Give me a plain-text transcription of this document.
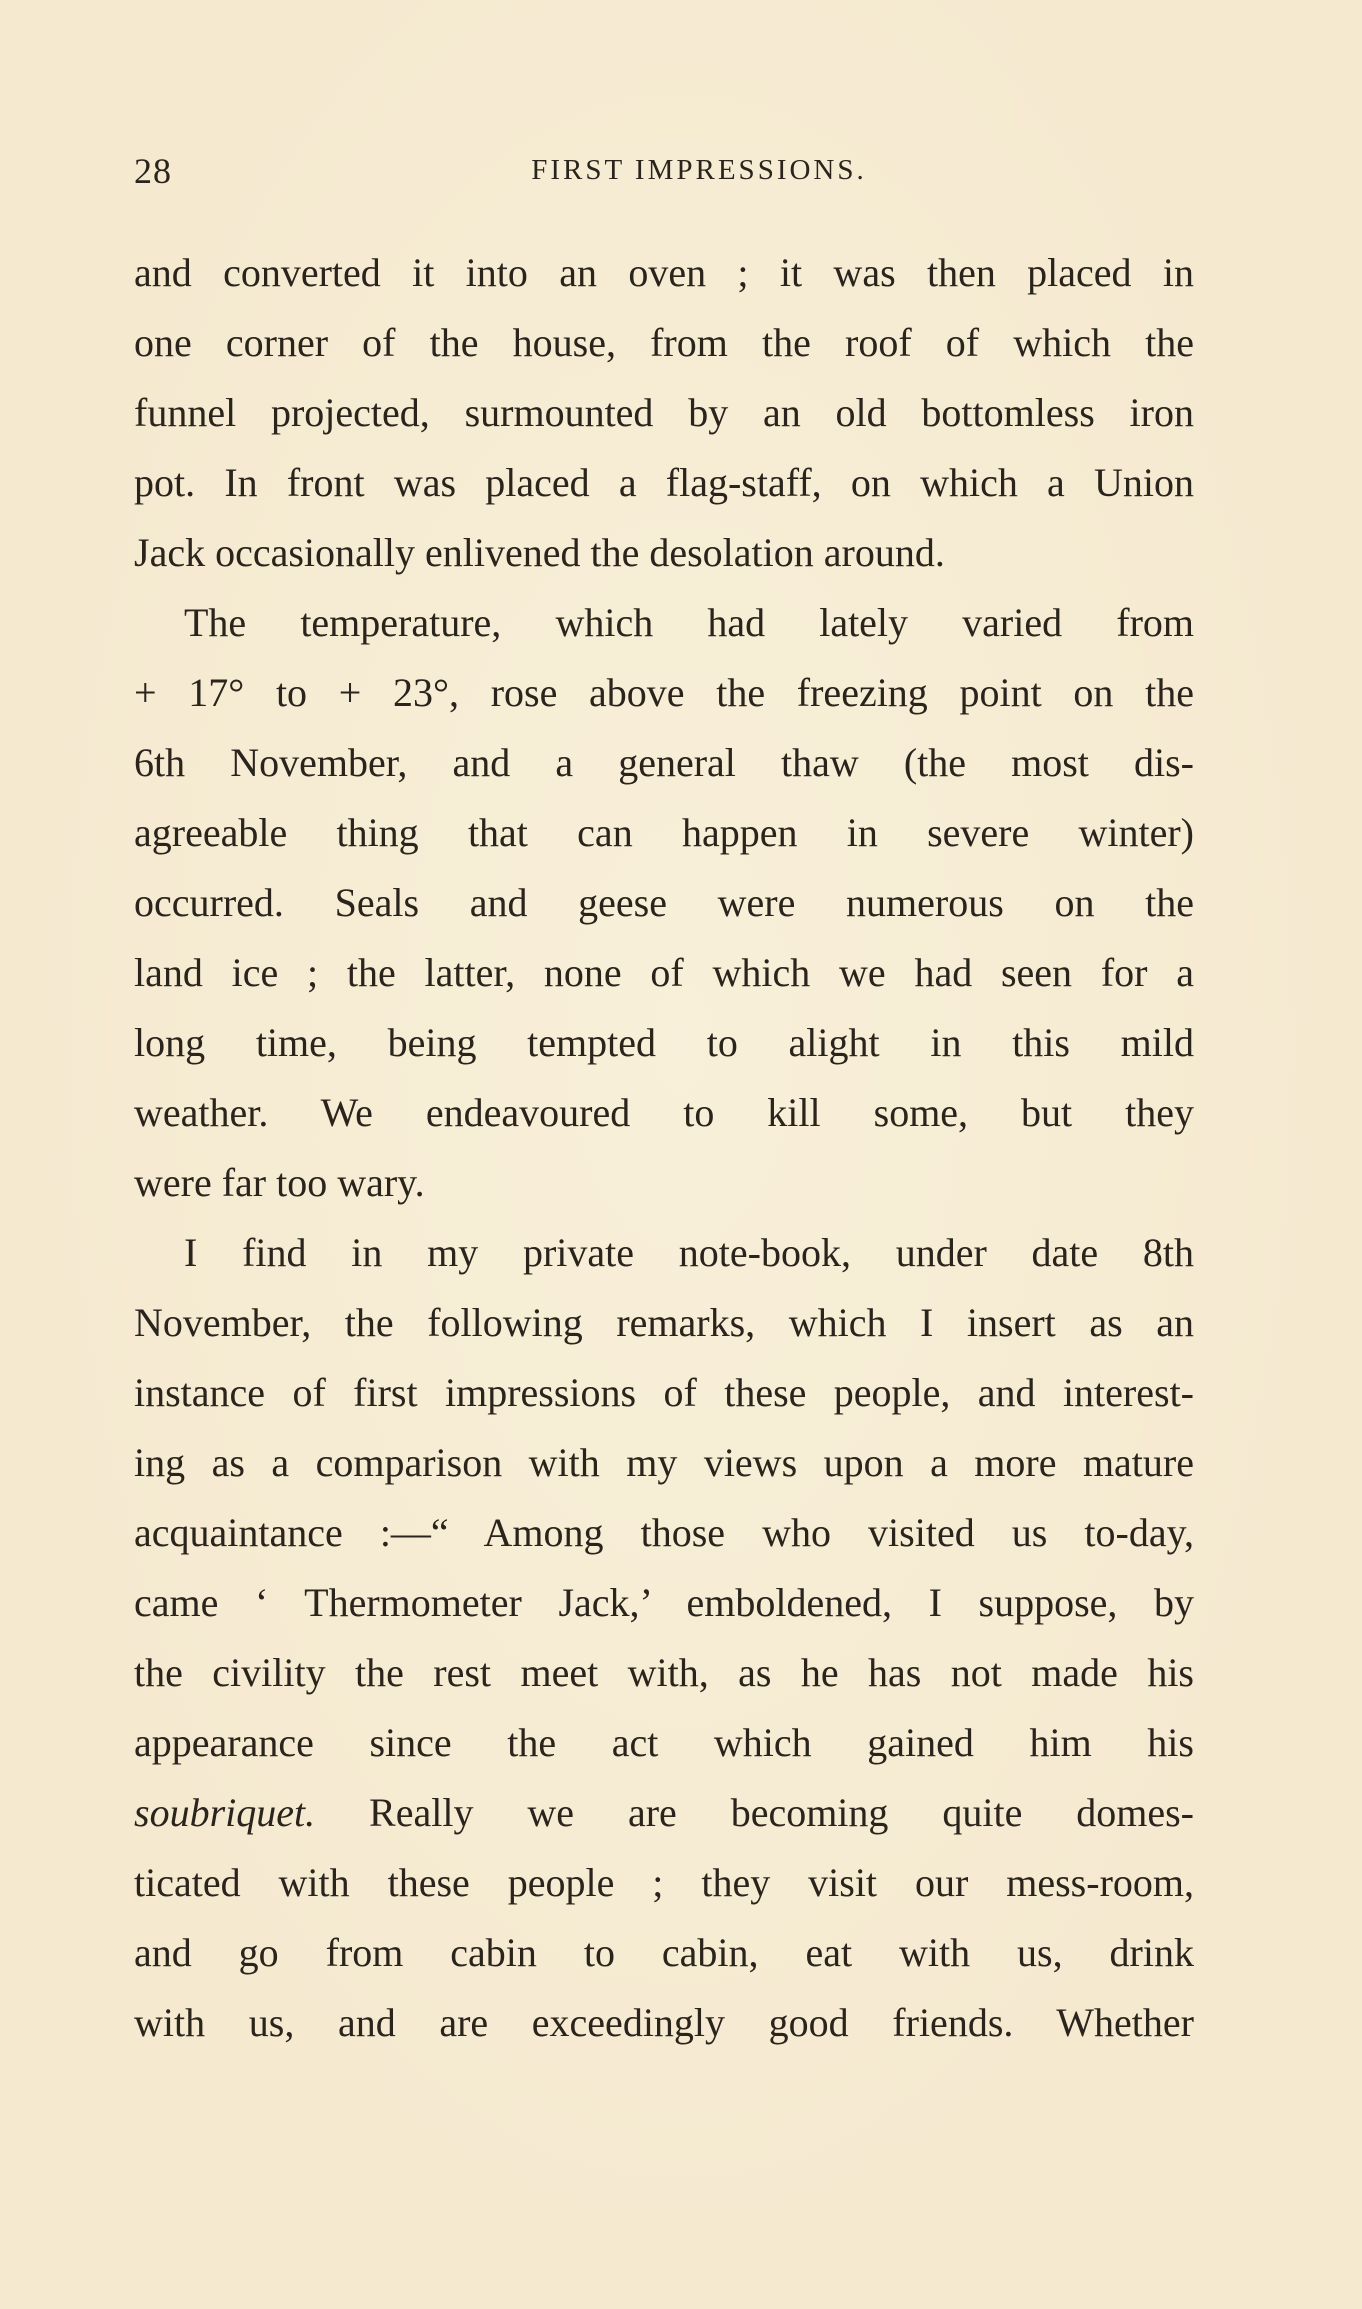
28	FIRST IMPRESSIONS.
and converted it into an oven ; it was then placed in
one corner of the house, from the roof of which the
funnel projected, surmounted by an old bottomless iron
pot. In front was placed a flag-staff, on which a Union
Jack occasionally enlivened the desolation around.
The temperature, which had lately varied from
+ 17° to + 23°, rose above the freezing point on the
6th November, and a general thaw (the most dis-
agreeable thing that can happen in severe winter)
occurred. Seals and geese were numerous on the
land ice ; the latter, none of which we had seen for a
long time, being tempted to alight in this mild
weather. We endeavoured to kill some, but they
were far too wary.
I find in my private note-book, under date 8th
November, the following remarks, which I insert as an
instance of first impressions of these people, and interest-
ing as a comparison with my views upon a more mature
acquaintance :—“ Among those who visited us to-day,
came ‘ Thermometer Jack,’ emboldened, I suppose, by
the civility the rest meet with, as he has not made his
appearance since the act which gained him his
soubriquet. Really we are becoming quite domes-
ticated with these people ; they visit our mess-room,
and go from cabin to cabin, eat with us, drink
with us, and are exceedingly good friends. Whether
